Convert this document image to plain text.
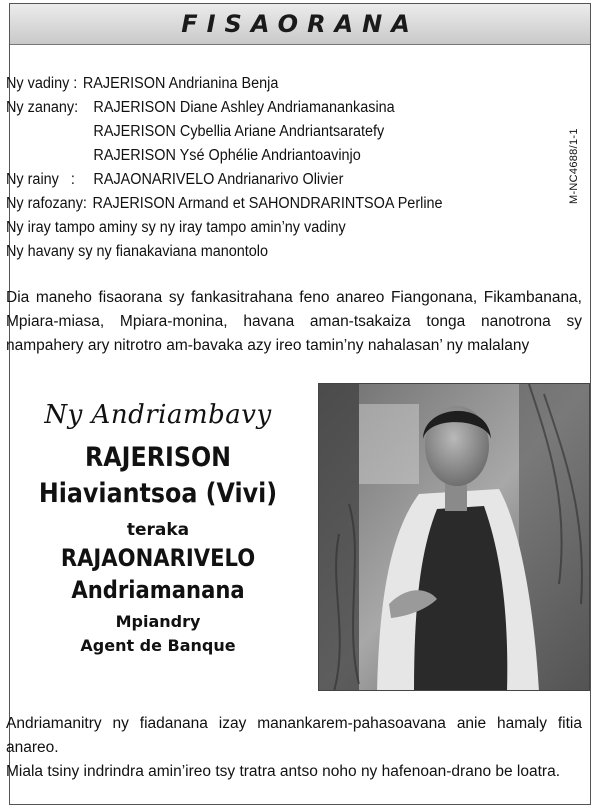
FISAORANA
M-NC4688/1-1
Ny vadiny : RAJERISON Andrianina Benja
Ny zanany: RAJERISON Diane Ashley Andriamanankasina
RAJERISON Cybellia Ariane Andriantsaratefy
RAJERISON Ysé Ophélie Andriantoavinjo
Ny rainy   :	RAJAONARIVELO Andrianarivo Olivier
Ny rafozany: RAJERISON Armand et SAHONDRARINTSOA Perline
Ny iray tampo aminy sy ny iray tampo amin’ny vadiny
Ny havany sy ny fianakaviana manontolo
Dia maneho fisaorana sy fankasitrahana feno anareo Fiangonana, Fikambanana, Mpiara-miasa, Mpiara-monina, havana aman-tsakaiza tonga nanotrona sy nampahery ary nitrotro am-bavaka azy ireo tamin’ny nahalasan’ ny malalany
Ny Andriambavy
RAJERISON
Hiaviantsoa (Vivi)
teraka
RAJAONARIVELO
Andriamanana
Mpiandry
Agent de Banque
Andriamanitry ny fiadanana izay manankarem-pahasoavana anie hamaly fitia anareo.
Miala tsiny indrindra amin’ireo tsy tratra antso noho ny hafenoan-drano be loatra.
